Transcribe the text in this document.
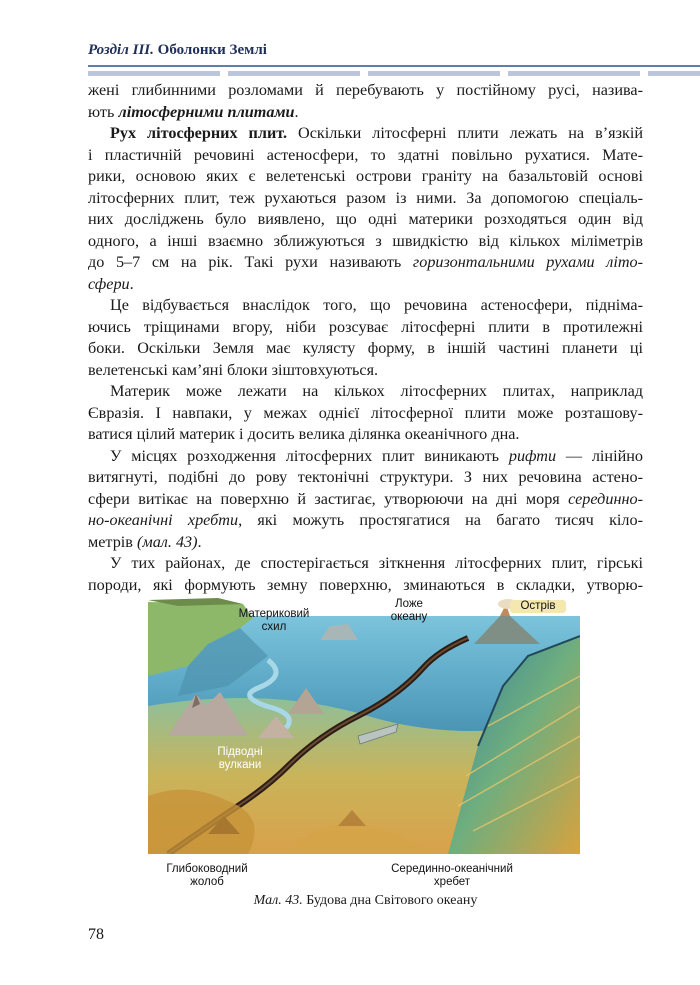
Розділ III. Оболонки Землі
жені глибинними розломами й перебувають у постійному русі, назива-
ють літосферними плитами.
Рух літосферних плит. Оскільки літосферні плити лежать на в’язкій
і пластичній речовині астеносфери, то здатні повільно рухатися. Мате-
рики, основою яких є велетенські острови граніту на базальтовій основі
літосферних плит, теж рухаються разом із ними. За допомогою спеціаль-
них досліджень було виявлено, що одні материки розходяться один від
одного, а інші взаємно зближуються з швидкістю від кількох міліметрів
до 5–7 см на рік. Такі рухи називають горизонтальними рухами літо-
сфери.
Це відбувається внаслідок того, що речовина астеносфери, підніма-
ючись тріщинами вгору, ніби розсуває літосферні плити в протилежні
боки. Оскільки Земля має кулясту форму, в іншій частині планети ці
велетенські кам’яні блоки зіштовхуються.
Материк може лежати на кількох літосферних плитах, наприклад
Євразія. І навпаки, у межах однієї літосферної плити може розташову-
ватися цілий материк і досить велика ділянка океанічного дна.
У місцях розходження літосферних плит виникають рифти — лінійно
витягнуті, подібні до рову тектонічні структури. З них речовина астено-
сфери витікає на поверхню й застигає, утворюючи на дні моря серединно-
но-океанічні хребти, які можуть простягатися на багато тисяч кіло-
метрів (мал. 43).
У тих районах, де спостерігається зіткнення літосферних плит, гірські
породи, які формують земну поверхню, зминаються в складки, утворю-
Материковий
схил
Ложе
океану
Острів
Підводні
вулкани
Глибоководний
жолоб
Серединно-океанічний
хребет
Мал. 43. Будова дна Світового океану
78
